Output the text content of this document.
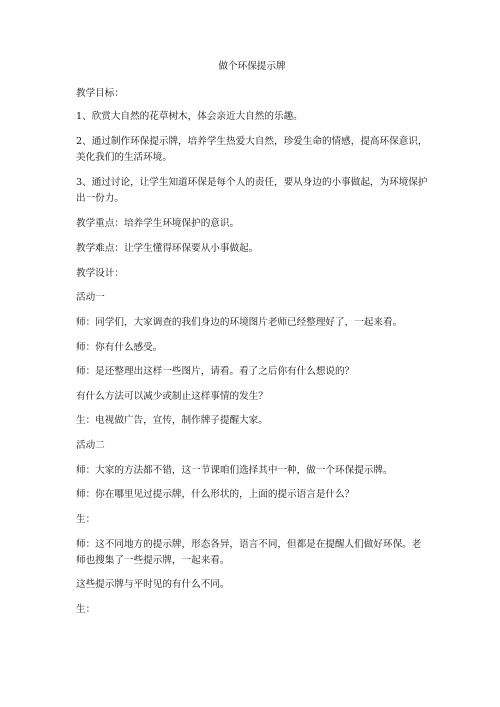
做个环保提示牌

教学目标：

1、欣赏大自然的花草树木，体会亲近大自然的乐趣。

2、通过制作环保提示牌，培养学生热爱大自然，珍爱生命的情感，提高环保意识，美化我们的生活环境。

3、通过讨论，让学生知道环保是每个人的责任，要从身边的小事做起，为环境保护出一份力。

教学重点：培养学生环境保护的意识。

教学难点：让学生懂得环保要从小事做起。

教学设计：

活动一

师：同学们，大家调查的我们身边的环境图片老师已经整理好了，一起来看。

师：你有什么感受。

师：是还整理出这样一些图片，请看。看了之后你有什么想说的？

有什么方法可以减少或制止这样事情的发生？

生：电视做广告，宣传，制作牌子提醒大家。

活动二

师：大家的方法都不错，这一节课咱们选择其中一种，做一个环保提示牌。

师：你在哪里见过提示牌，什么形状的，上面的提示语言是什么？

生：

师：这不同地方的提示牌，形态各异，语言不同，但都是在提醒人们做好环保。老师也搜集了一些提示牌，一起来看。

这些提示牌与平时见的有什么不同。

生：
